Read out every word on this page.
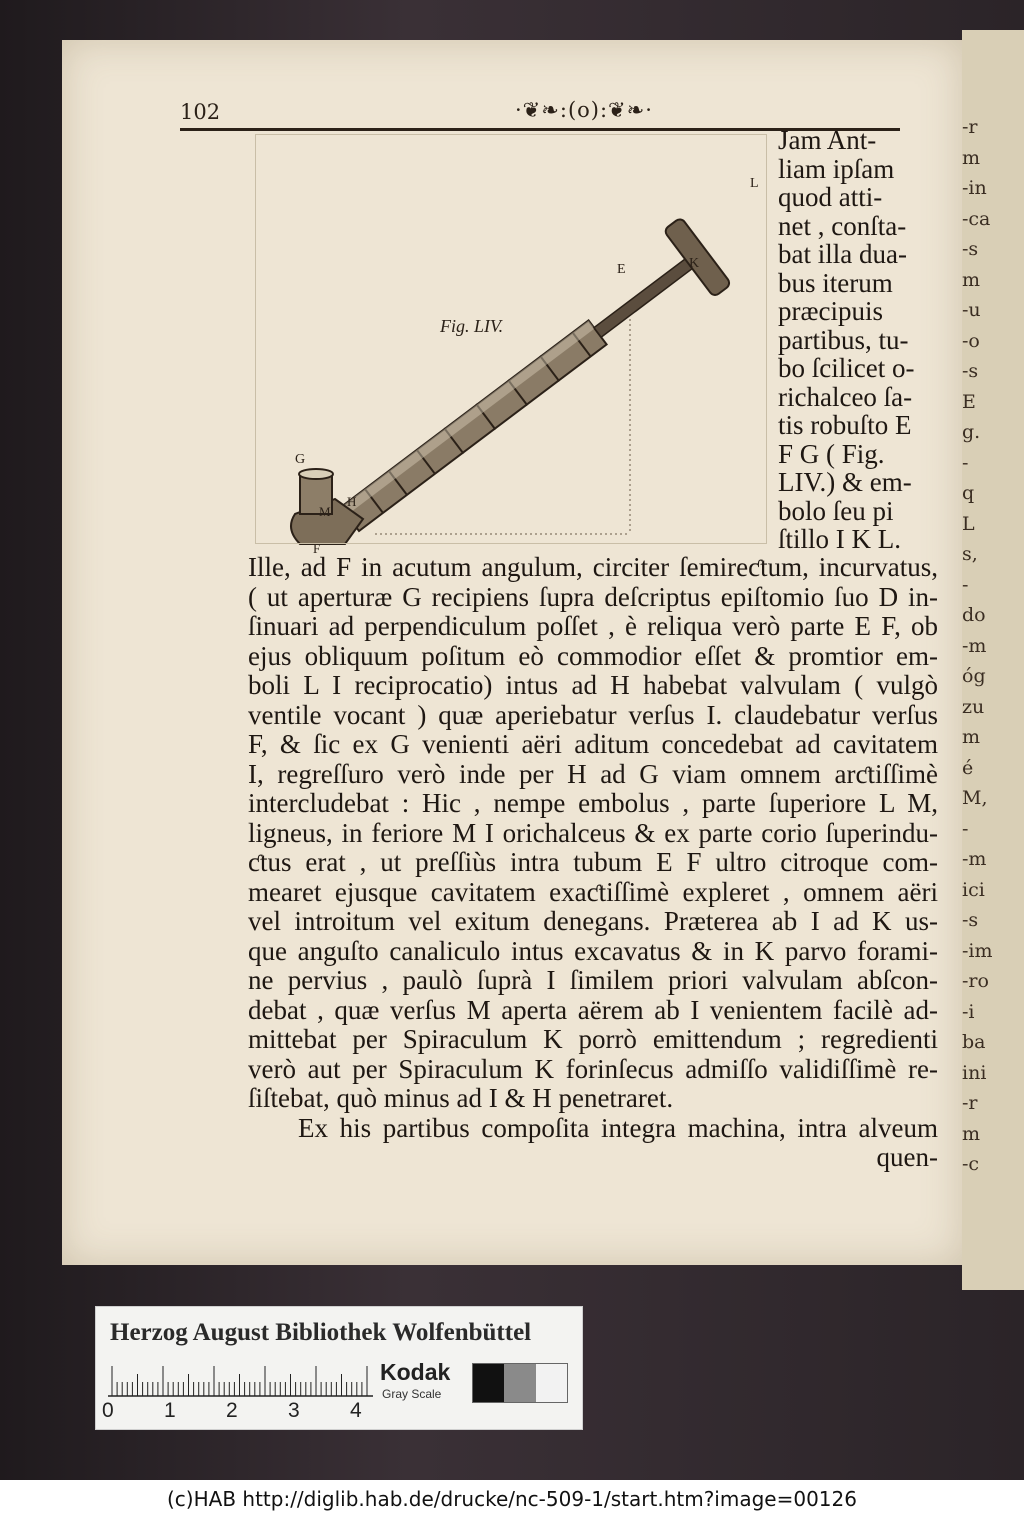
-r
m
-in
-ca
-s
m
-u
-o
-s
E
g.
-
q
L
s,
-
do
-m
óg
zu
m
é
M,
-
-m
ici
-s
-im
-ro
-i
ba
ini
-r
m
-c
102	·❦❧:(o):❦❧·
Fig. LIV.
L
K
E
G
M
H
F
Jam Ant-
liam ipſam
quod atti-
net , conſta-
bat illa dua-
bus iterum
præcipuis
partibus, tu-
bo ſcilicet o-
richalceo ſa-
tis robuſto E
F G ( Fig.
LIV.) & em-
bolo ſeu pi
ſtillo I K L.
Ille, ad F in acutum angulum, circiter ſemireƈtum, incurvatus,
( ut aperturæ G recipiens ſupra deſcriptus epiſtomio ſuo D in-
ſinuari ad perpendiculum poſſet , è reliqua verò parte E F, ob
ejus obliquum poſitum eò commodior eſſet & promtior em-
boli L I reciprocatio) intus ad H habebat valvulam ( vulgò
ventile vocant ) quæ aperiebatur verſus I. claudebatur verſus
F, & ſic ex G venienti aëri aditum concedebat ad cavitatem
I, regreſſuro verò inde per H ad G viam omnem arƈtiſſimè
intercludebat : Hic , nempe embolus , parte ſuperiore L M,
ligneus, in feriore M I orichalceus & ex parte corio ſuperindu-
ƈtus erat , ut preſſiùs intra tubum E F ultro citroque com-
mearet ejusque cavitatem exaƈtiſſimè expleret , omnem aëri
vel introitum vel exitum denegans. Præterea ab I ad K us-
que anguſto canaliculo intus excavatus & in K parvo forami-
ne pervius , paulò ſuprà I ſimilem priori valvulam abſcon-
debat , quæ verſus M aperta aërem ab I venientem facilè ad-
mittebat per Spiraculum K porrò emittendum ; regredienti
verò aut per Spiraculum K forinſecus admiſſo validiſſimè re-
ſiſtebat, quò minus ad I & H penetraret.
Ex his partibus compoſita integra machina, intra alveum
quen-
Herzog August Bibliothek Wolfenbüttel
0 1 2 3 4
Kodak
Gray Scale
(c)HAB http://diglib.hab.de/drucke/nc-509-1/start.htm?image=00126
